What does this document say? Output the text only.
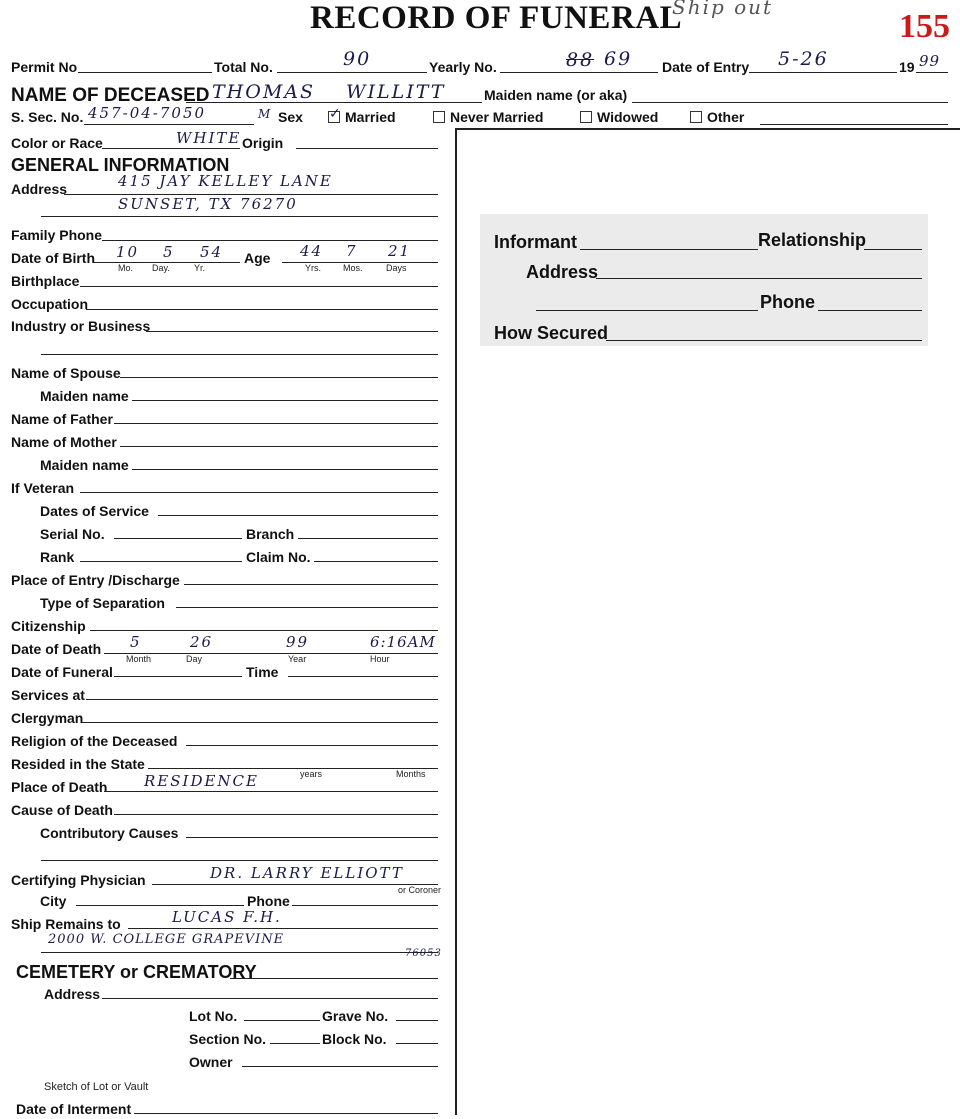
RECORD OF FUNERAL
Ship out
155
Permit No	Total No.	90	Yearly No.	88 69 Date of Entry 5-26	19 99
NAME OF DECEASED THOMAS WILLITT	Maiden name (or aka)
S. Sec. No. 457-04-7050	M Sex
✓	Married	Never Married	Widowed	Other
Color or Race	WHITE Origin
GENERAL INFORMATION
Address	415 JAY KELLEY LANE
SUNSET, TX 76270
Family Phone
Date of Birth 10 5 54
Mo. Day.	Yr.
Age 44 7 21
Yrs. Mos.	Days
Birthplace
Occupation
Industry or Business
Name of Spouse
Maiden name
Name of Father
Name of Mother
Maiden name
If Veteran
Dates of Service
Serial No.	Branch
Rank	Claim No.
Place of Entry /Discharge
Type of Separation
Citizenship
Date of Death 5	26	99	6:16AM
Month	Day	Year	Hour
Date of Funeral	Time
Services at
Clergyman
Religion of the Deceased
Resided in the State
years	Months
Place of Death RESIDENCE
Cause of Death
Contributory Causes
Certifying Physician	DR. LARRY ELLIOTT
or Coroner
City	Phone
Ship Remains to	LUCAS F.H.
2000 W. COLLEGE GRAPEVINE
76053
CEMETERY or CREMATORY
Address
Lot No.	Grave No.
Section No.	Block No.
Owner
Sketch of Lot or Vault
Date of Interment
Informant	Relationship
Address
Phone
How Secured
